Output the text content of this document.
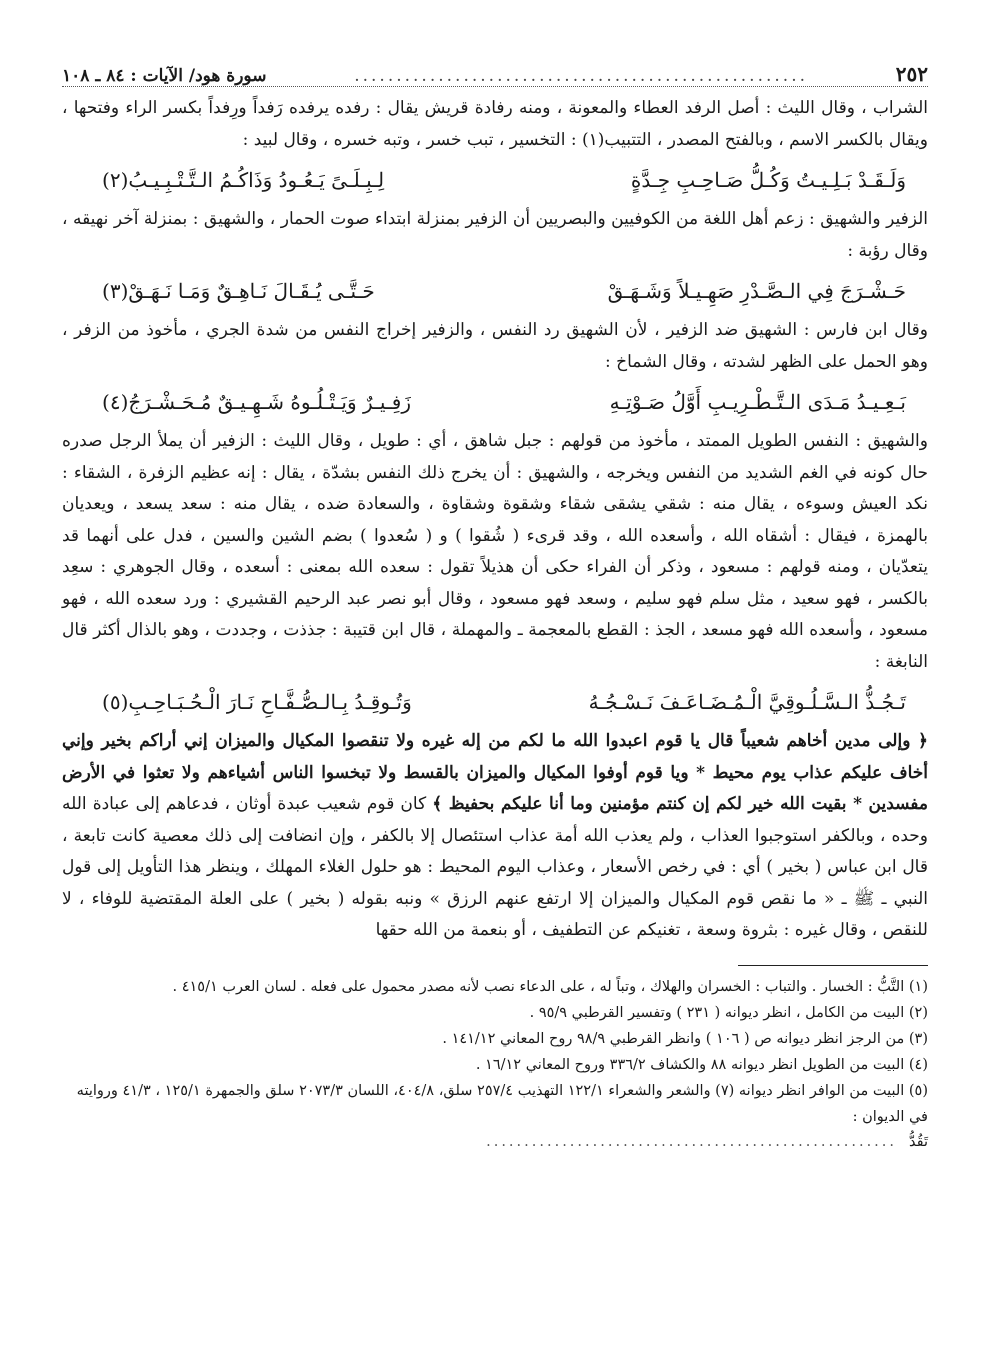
٢٥٢
......................................................
سورة هود/ الآيات : ٨٤ ـ ١٠٨

الشراب ، وقال الليث : أصل الرفد العطاء والمعونة ، ومنه رفادة قريش يقال : رفده يرفده رَفداً ورِفداً بكسر الراء وفتحها ، ويقال بالكسر الاسم ، وبالفتح المصدر ، التتبيب(١) : التخسير ، تبب خسر ، وتبه خسره ، وقال لبيد :

وَلَـقَـدْ بَـلِـيـتُ وَكُـلُّ صَـاحِـبِ جِـدَّةٍ
لِـبِـلَـىً يَـعُـودُ وَذَاكُـمُ الـتَّـتْـبِـيـبُ(٢)

الزفير والشهيق : زعم أهل اللغة من الكوفيين والبصريين أن الزفير بمنزلة ابتداء صوت الحمار ، والشهيق : بمنزلة آخر نهيقه ، وقال رؤبة :

حَـشْـرَجَ فِي الـصَّـدْرِ صَهِـيـلاً وَشَـهَـقْ
حَـتَّـى يُـقَـالَ نَـاهِـقٌ وَمَـا نَـهَـقْ(٣)

وقال ابن فارس : الشهيق ضد الزفير ، لأن الشهيق رد النفس ، والزفير إخراج النفس من شدة الجري ، مأخوذ من الزفر ، وهو الحمل على الظهر لشدته ، وقال الشماخ :

بَـعِـيـدُ مَـدَى الـتَّـطْـرِيـبِ أَوَّلُ صَـوْتِـهِ
زَفِـيـرٌ وَيَـتْـلُـوهُ شَـهِـيـقٌ مُـحَـشْـرَجُ(٤)

والشهيق : النفس الطويل الممتد ، مأخوذ من قولهم : جبل شاهق ، أي : طويل ، وقال الليث : الزفير أن يملأ الرجل صدره حال كونه في الغم الشديد من النفس ويخرجه ، والشهيق : أن يخرج ذلك النفس بشدّة ، يقال : إنه عظيم الزفرة ، الشقاء : نكد العيش وسوءه ، يقال منه : شقي يشقى شقاء وشقوة وشقاوة ، والسعادة ضده ، يقال منه : سعد يسعد ، ويعديان بالهمزة ، فيقال : أشقاه الله ، وأسعده الله ، وقد قرىء ( شُقوا ) و ( سُعدوا ) بضم الشين والسين ، فدل على أنهما قد يتعدّيان ، ومنه قولهم : مسعود ، وذكر أن الفراء حكى أن هذيلاً تقول : سعده الله بمعنى : أسعده ، وقال الجوهري : سعِد بالكسر ، فهو سعيد ، مثل سلم فهو سليم ، وسعد فهو مسعود ، وقال أبو نصر عبد الرحيم القشيري : ورد سعده الله ، فهو مسعود ، وأسعده الله فهو مسعد ، الجذ : القطع بالمعجمة ـ والمهملة ، قال ابن قتيبة : جذذت ، وجددت ، وهو بالذال أكثر قال النابغة :

تَـجُـذُّ الـسَّـلُـوقِيَّ الْـمُـضَـاعَـفَ نَـسْـجُـهُ
وَتُـوقِـدُ بِـالـصُّـفَّـاحِ نَـارَ الْـحُـبَـاحِـبِ(٥)

﴿ وإلى مدين أخاهم شعيباً قال يا قوم اعبدوا الله ما لكم من إله غيره ولا تنقصوا المكيال والميزان إني أراكم بخير وإني أخاف عليكم عذاب يوم محيط * ويا قوم أوفوا المكيال والميزان بالقسط ولا تبخسوا الناس أشياءهم ولا تعثوا في الأرض مفسدين * بقيت الله خير لكم إن كنتم مؤمنين وما أنا عليكم بحفيظ ﴾ كان قوم شعيب عبدة أوثان ، فدعاهم إلى عبادة الله وحده ، وبالكفر استوجبوا العذاب ، ولم يعذب الله أمة عذاب استئصال إلا بالكفر ، وإن انضافت إلى ذلك معصية كانت تابعة ، قال ابن عباس ( بخير ) أي : في رخص الأسعار ، وعذاب اليوم المحيط : هو حلول الغلاء المهلك ، وينظر هذا التأويل إلى قول النبي ـ ﷺ ـ « ما نقص قوم المكيال والميزان إلا ارتفع عنهم الرزق » ونبه بقوله ( بخير ) على العلة المقتضية للوفاء ، لا للنقص ، وقال غيره : بثروة وسعة ، تغنيكم عن التطفيف ، أو بنعمة من الله حقها

(١) التَّبُّ : الخسار . والتباب : الخسران والهلاك ، وتباً له ، على الدعاء نصب لأنه مصدر محمول على فعله . لسان العرب ٤١٥/١ .

(٢) البيت من الكامل ، انظر ديوانه ( ٢٣١ ) وتفسير القرطبي ٩٥/٩ .

(٣) من الرجز انظر ديوانه ص ( ١٠٦ ) وانظر القرطبي ٩٨/٩ روح المعاني ١٤١/١٢ .

(٤) البيت من الطويل انظر ديوانه ٨٨ والكشاف ٣٣٦/٢ وروح المعاني ١٦/١٢ .

(٥) البيت من الوافر انظر ديوانه (٧) والشعر والشعراء ١٢٢/١ التهذيب ٢٥٧/٤ سلق، ٤٠٤/٨، اللسان ٢٠٧٣/٣ سلق والجمهرة ١٢٥/١ ، ٤١/٣ وروايته في الديوان :

تَقُدُّ
......................................................
